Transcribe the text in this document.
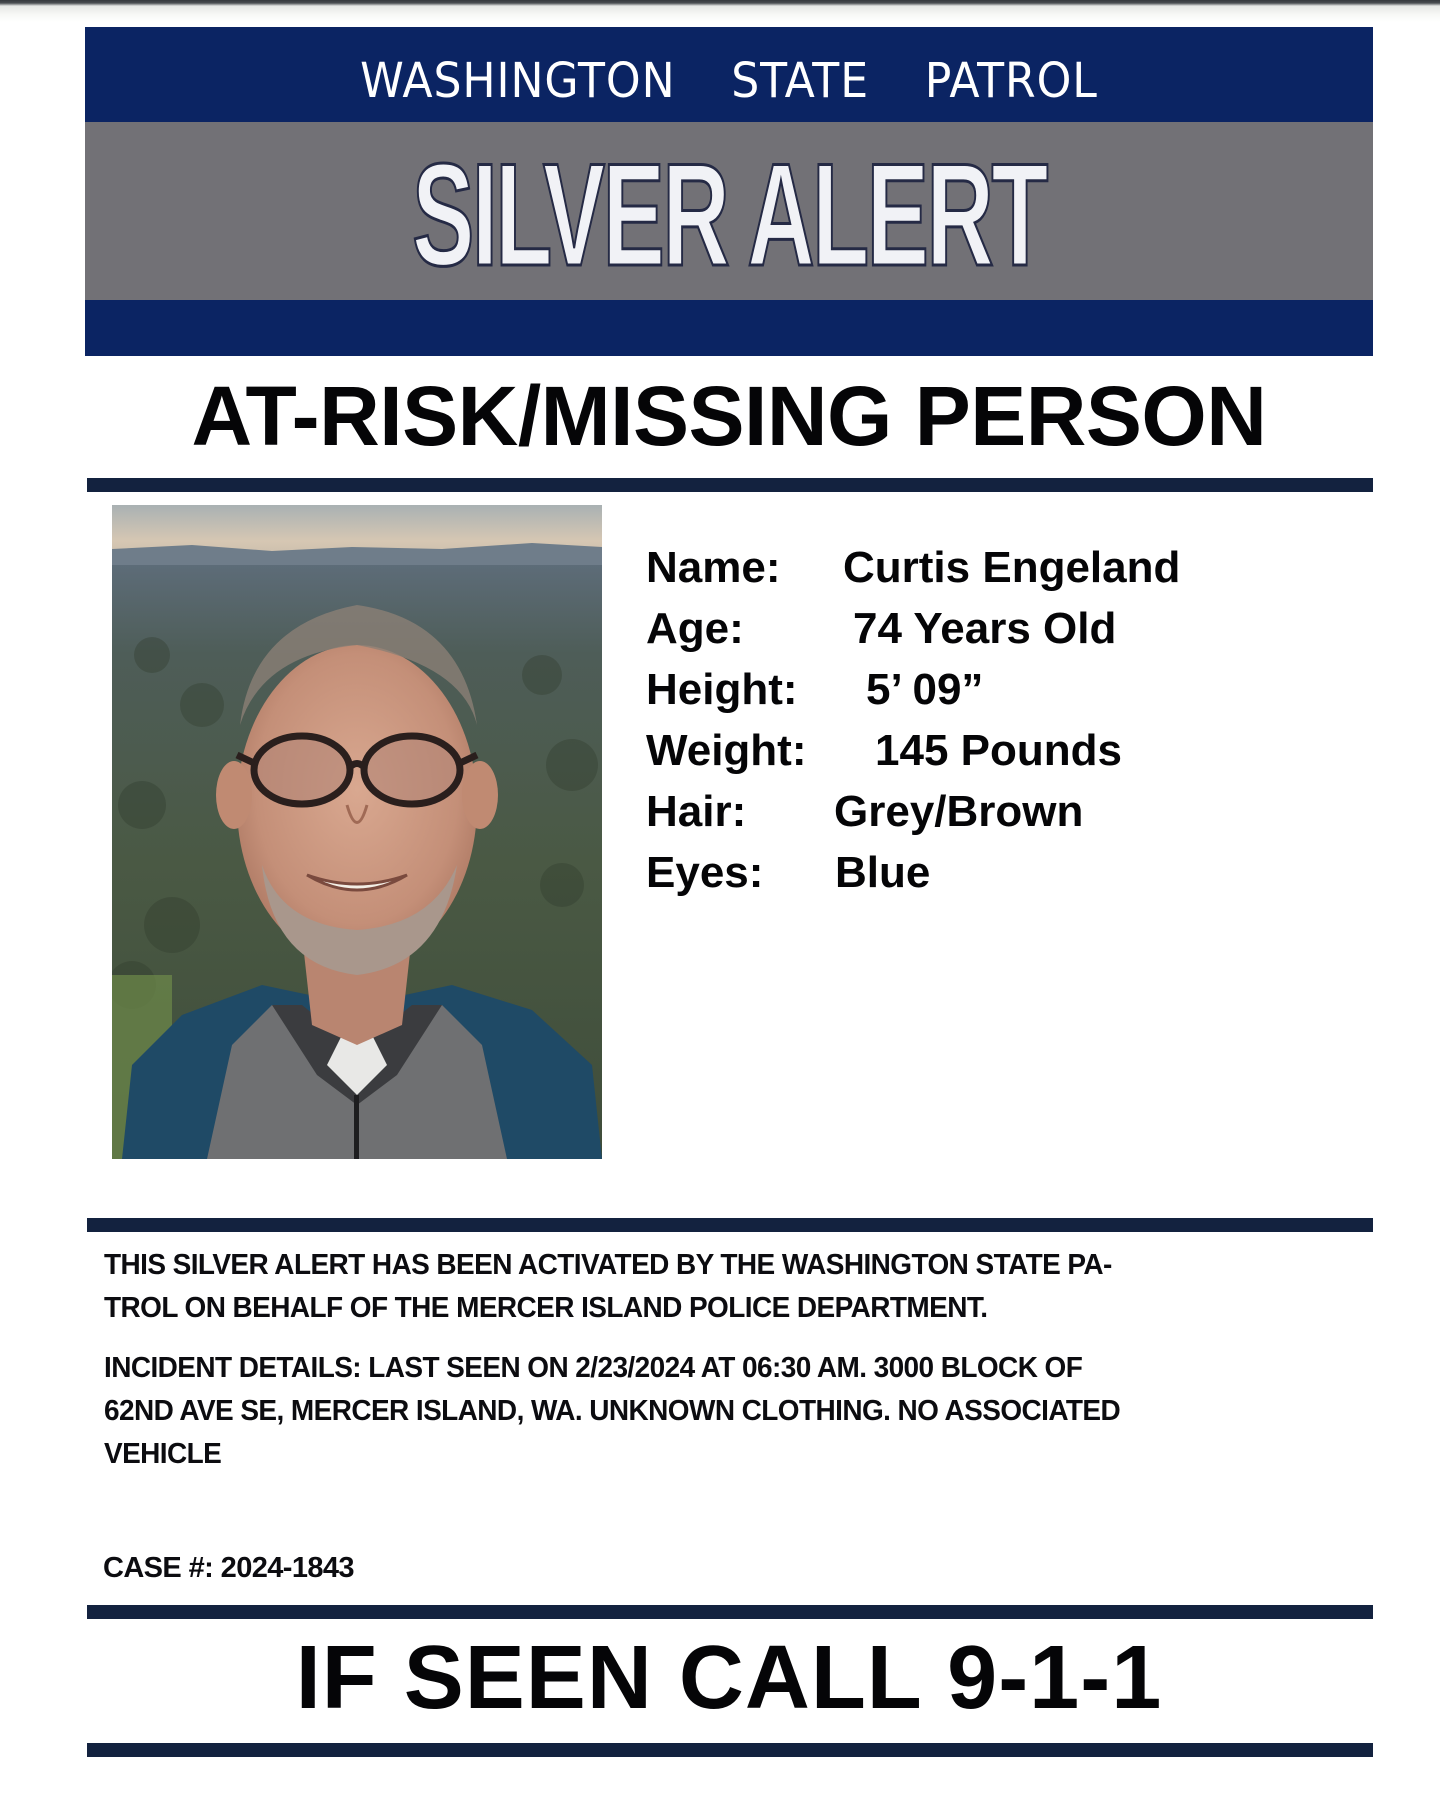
WASHINGTON  STATE  PATROL
SILVER ALERT
AT-RISK/MISSING PERSON
Name: Curtis Engeland
Age: 74 Years Old
Height: 5’ 09”
Weight: 145 Pounds
Hair: Grey/Brown
Eyes: Blue
THIS SILVER ALERT HAS BEEN ACTIVATED BY THE WASHINGTON STATE PA-
TROL ON BEHALF OF THE MERCER ISLAND POLICE DEPARTMENT.
INCIDENT DETAILS: LAST SEEN ON 2/23/2024 AT 06:30 AM. 3000 BLOCK OF
62ND AVE SE, MERCER ISLAND, WA. UNKNOWN CLOTHING. NO ASSOCIATED
VEHICLE
CASE #: 2024-1843
IF SEEN CALL 9-1-1
